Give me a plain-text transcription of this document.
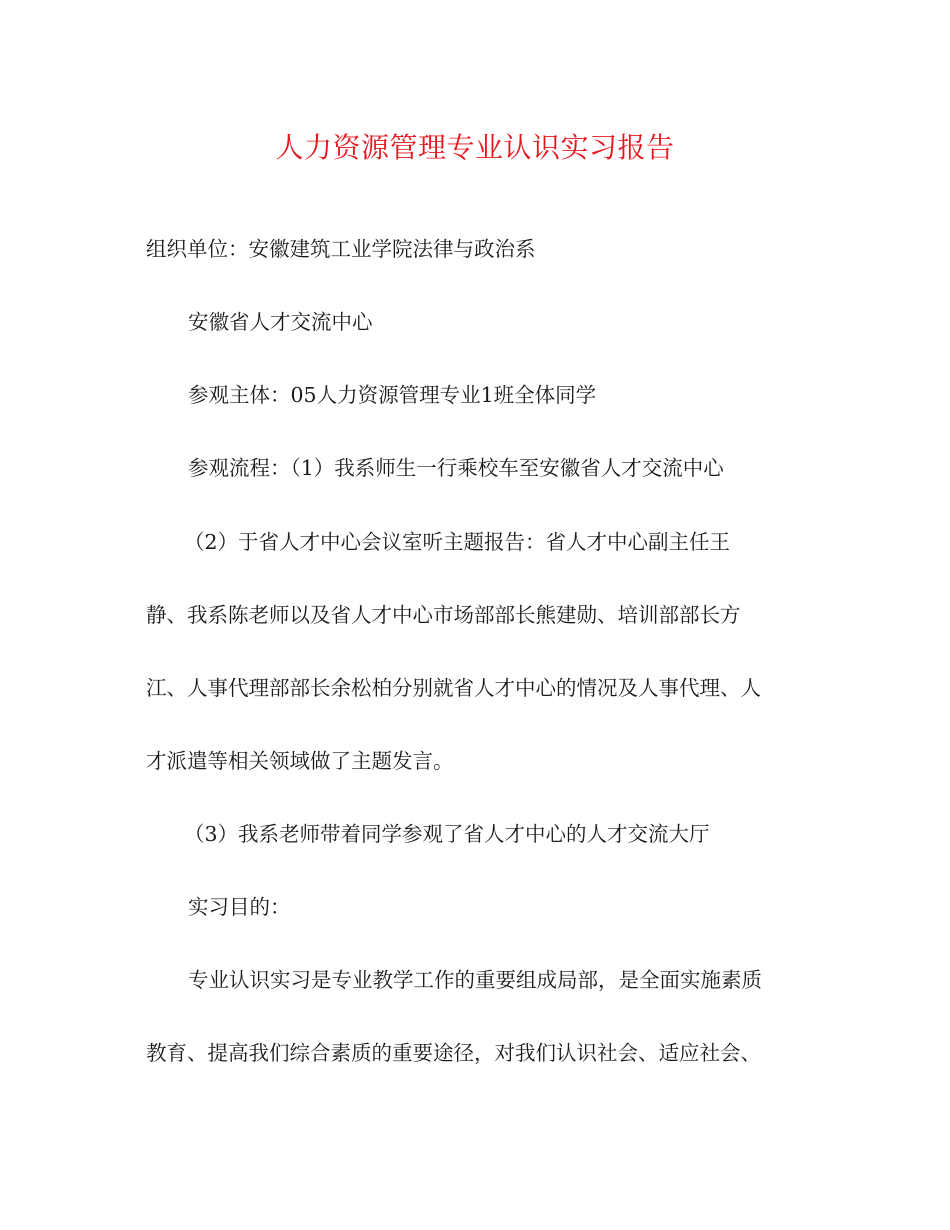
人力资源管理专业认识实习报告
组织单位：安徽建筑工业学院法律与政治系
安徽省人才交流中心
参观主体：05人力资源管理专业1班全体同学
参观流程：（1）我系师生一行乘校车至安徽省人才交流中心
（2）于省人才中心会议室听主题报告：省人才中心副主任王
静、我系陈老师以及省人才中心市场部部长熊建勋、培训部部长方
江、人事代理部部长余松柏分别就省人才中心的情况及人事代理、人
才派遣等相关领域做了主题发言。
（3）我系老师带着同学参观了省人才中心的人才交流大厅
实习目的：
专业认识实习是专业教学工作的重要组成局部，是全面实施素质
教育、提高我们综合素质的重要途径，对我们认识社会、适应社会、
